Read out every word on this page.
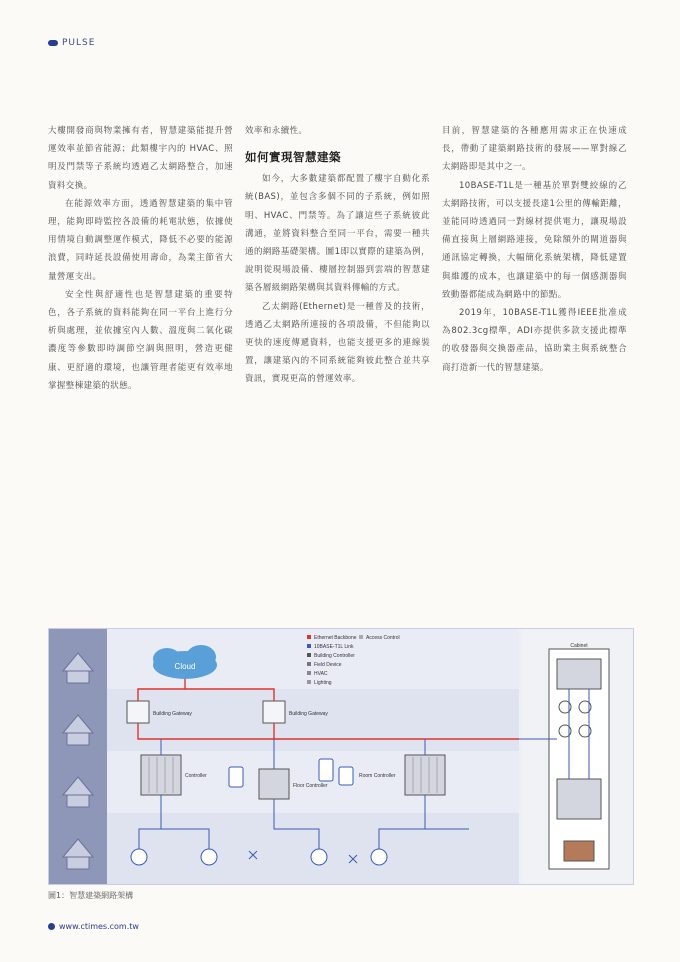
PULSE

大樓開發商與物業擁有者，智慧建築能提升營運效率並節省能源；此類樓宇內的 HVAC、照明及門禁等子系統均透過乙太網路整合，加速資料交換。

在能源效率方面，透過智慧建築的集中管理，能夠即時監控各設備的耗電狀態，依據使用情境自動調整運作模式，降低不必要的能源浪費，同時延長設備使用壽命，為業主節省大量營運支出。

安全性與舒適性也是智慧建築的重要特色，各子系統的資料能夠在同一平台上進行分析與處理，並依據室內人數、溫度與二氧化碳濃度等參數即時調節空調與照明，營造更健康、更舒適的環境，也讓管理者能更有效率地掌握整棟建築的狀態。

效率和永續性。

如何實現智慧建築

如今，大多數建築都配置了樓宇自動化系統(BAS)，並包含多個不同的子系統，例如照明、HVAC、門禁等。為了讓這些子系統彼此溝通，並將資料整合至同一平台，需要一種共通的網路基礎架構。圖1即以實際的建築為例，說明從現場設備、樓層控制器到雲端的智慧建築各層級網路架構與其資料傳輸的方式。

乙太網路(Ethernet)是一種普及的技術，透過乙太網路所連接的各項設備，不但能夠以更快的速度傳遞資料，也能支援更多的連線裝置，讓建築內的不同系統能夠彼此整合並共享資訊，實現更高的營運效率。

目前，智慧建築的各種應用需求正在快速成長，帶動了建築網路技術的發展——單對線乙太網路即是其中之一。

10BASE-T1L是一種基於單對雙絞線的乙太網路技術，可以支援長達1公里的傳輸距離，並能同時透過同一對線材提供電力，讓現場設備直接與上層網路連接，免除額外的閘道器與通訊協定轉換，大幅簡化系統架構，降低建置與維護的成本，也讓建築中的每一個感測器與致動器都能成為網路中的節點。

2019年，10BASE-T1L獲得IEEE批准成為802.3cg標準，ADI亦提供多款支援此標準的收發器與交換器產品，協助業主與系統整合商打造新一代的智慧建築。

Cloud
Ethernet Backbone
10BASE-T1L Link
Building Controller
Field Device
HVAC
Lighting
Access Control
Building Gateway	Building Gateway
Controller
Floor Controller
Room Controller
Cabinet
圖1：智慧建築網路架構
www.ctimes.com.tw
